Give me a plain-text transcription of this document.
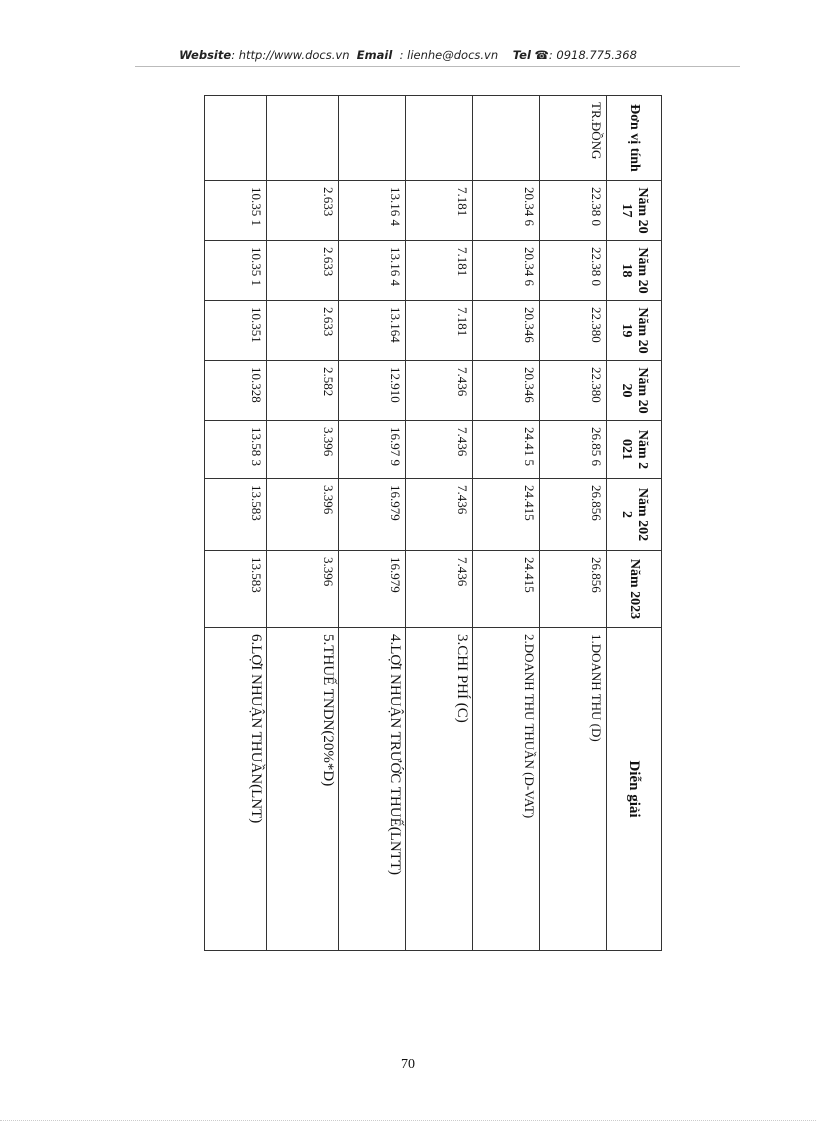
Website: http://www.docs.vn Email : lienhe@docs.vn Tel ☎: 0918.775.368
Đơn vị tính	Năm 2017	Năm 2018	Năm 2019	Năm 2020	Năm 2021	Năm 2022	Năm 2023	Diễn giải
TR.ĐỒNG	22.38 0	22.38 0	22.380	22.380	26.85 6	26.856	26.856	1.DOANH THU (D)
	20.34 6	20.34 6	20.346	20.346	24.41 5	24.415	24.415	2.DOANH THU THUẦN (D-VAT)
	7.181	7.181	7.181	7.436	7.436	7.436	7.436	3.CHI PHÍ (C)
	13.16 4	13.16 4	13.164	12.910	16.97 9	16.979	16.979	4.LỢI NHUẬN TRƯỚC THUẾ(LNTT)
	2.633	2.633	2.633	2.582	3.396	3.396	3.396	5.THUẾ TNDN(20%*D)
	10.35 1	10.35 1	10.351	10.328	13.58 3	13.583	13.583	6.LỢI NHUẬN THUẦN(LNT)
70
